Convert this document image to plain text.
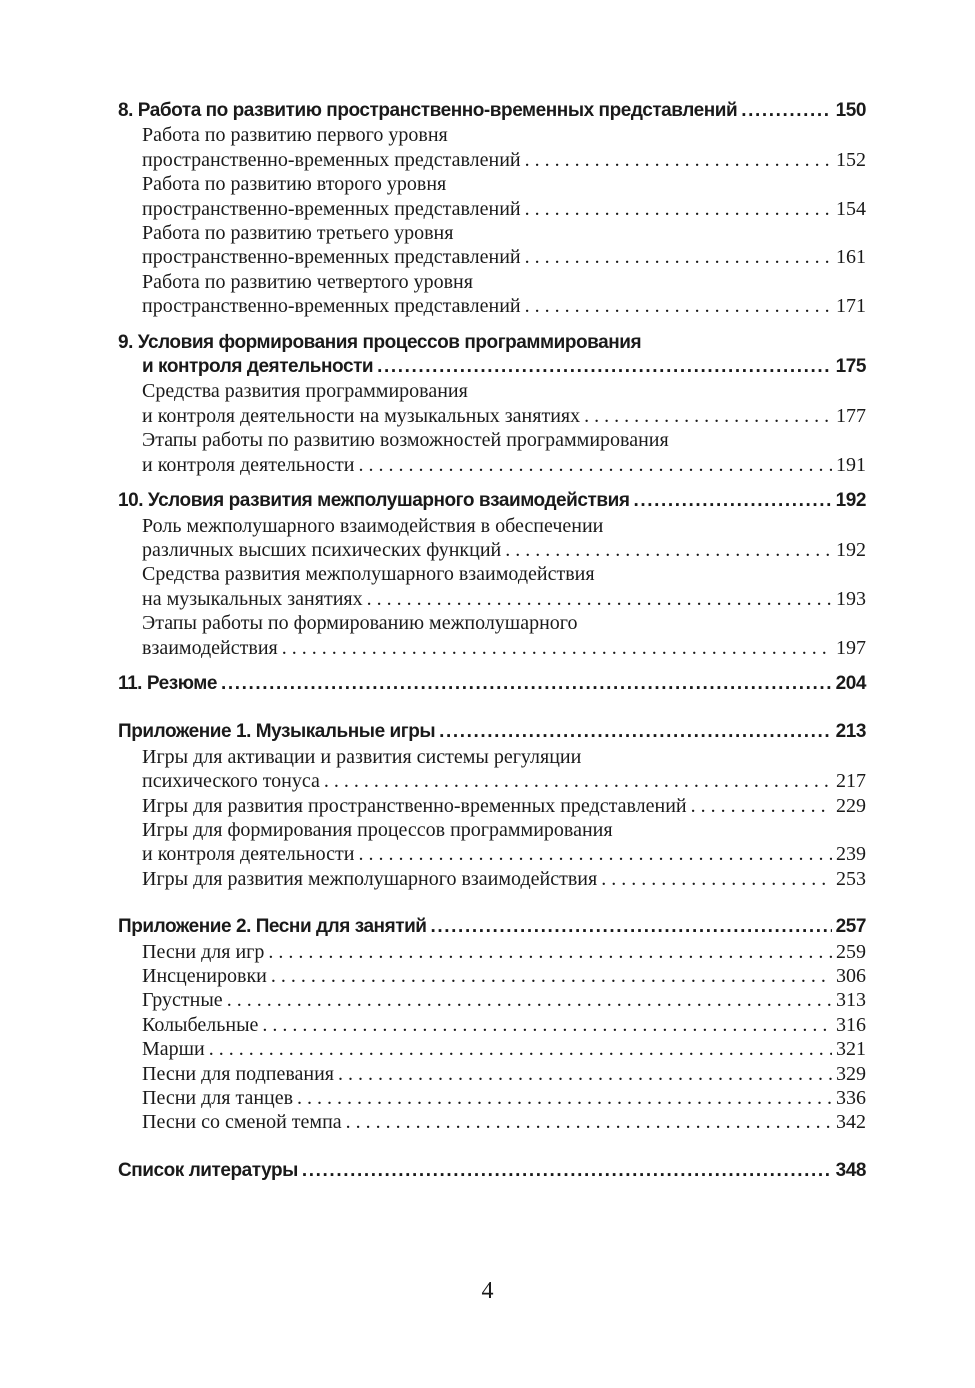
8. Работа по развитию пространственно-временных представлений .....	150
Работа по развитию первого уровня
пространственно-временных представлений . . .	152
Работа по развитию второго уровня
пространственно-временных представлений . . .	154
Работа по развитию третьего уровня
пространственно-временных представлений . . .	161
Работа по развитию четвертого уровня
пространственно-временных представлений . . .	171
9. Условия формирования процессов программирования
и контроля деятельности .....	175
Средства развития программирования
и контроля деятельности на музыкальных занятиях . . .	177
Этапы работы по развитию возможностей программирования
и контроля деятельности . . .	191
10. Условия развития межполушарного взаимодействия .....	192
Роль межполушарного взаимодействия в обеспечении
различных высших психических функций . . .	192
Средства развития межполушарного взаимодействия
на музыкальных занятиях . . .	193
Этапы работы по формированию межполушарного
взаимодействия . . .	197
11. Резюме .....	204
Приложение 1. Музыкальные игры .....	213
Игры для активации и развития системы регуляции
психического тонуса . . .	217
Игры для развития пространственно-временных представлений . . .	229
Игры для формирования процессов программирования
и контроля деятельности . . .	239
Игры для развития межполушарного взаимодействия . . .	253
Приложение 2. Песни для занятий .....	257
Песни для игр . . .	259
Инсценировки . . .	306
Грустные . . .	313
Колыбельные . . .	316
Марши . . .	321
Песни для подпевания . . .	329
Песни для танцев . . .	336
Песни со сменой темпа . . .	342
Список литературы .....	348
4
